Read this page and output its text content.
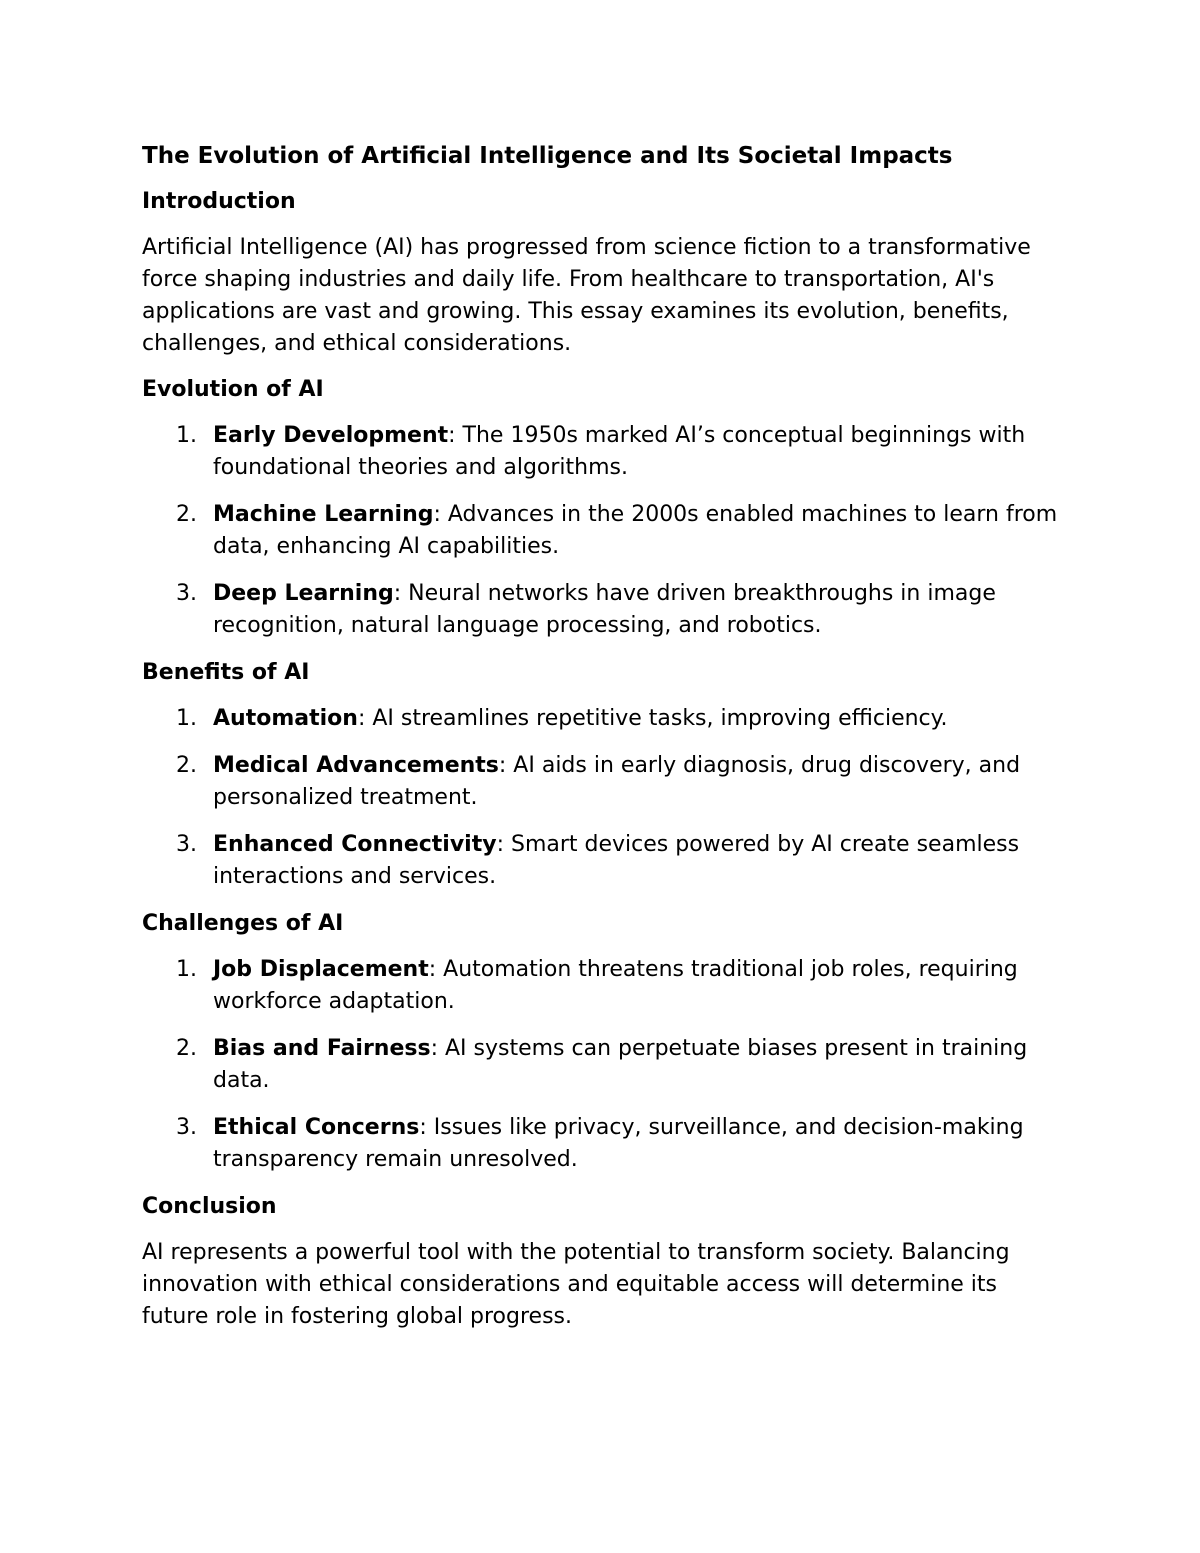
The Evolution of Artificial Intelligence and Its Societal Impacts
Introduction

Artificial Intelligence (AI) has progressed from science fiction to a transformative force shaping industries and daily life. From healthcare to transportation, AI's applications are vast and growing. This essay examines its evolution, benefits, challenges, and ethical considerations.

Evolution of AI
1. Early Development: The 1950s marked AI’s conceptual beginnings with foundational theories and algorithms.
2. Machine Learning: Advances in the 2000s enabled machines to learn from data, enhancing AI capabilities.
3. Deep Learning: Neural networks have driven breakthroughs in image recognition, natural language processing, and robotics.
Benefits of AI
1. Automation: AI streamlines repetitive tasks, improving efficiency.
2. Medical Advancements: AI aids in early diagnosis, drug discovery, and personalized treatment.
3. Enhanced Connectivity: Smart devices powered by AI create seamless interactions and services.
Challenges of AI
1. Job Displacement: Automation threatens traditional job roles, requiring workforce adaptation.
2. Bias and Fairness: AI systems can perpetuate biases present in training data.
3. Ethical Concerns: Issues like privacy, surveillance, and decision-making transparency remain unresolved.
Conclusion

AI represents a powerful tool with the potential to transform society. Balancing innovation with ethical considerations and equitable access will determine its future role in fostering global progress.
